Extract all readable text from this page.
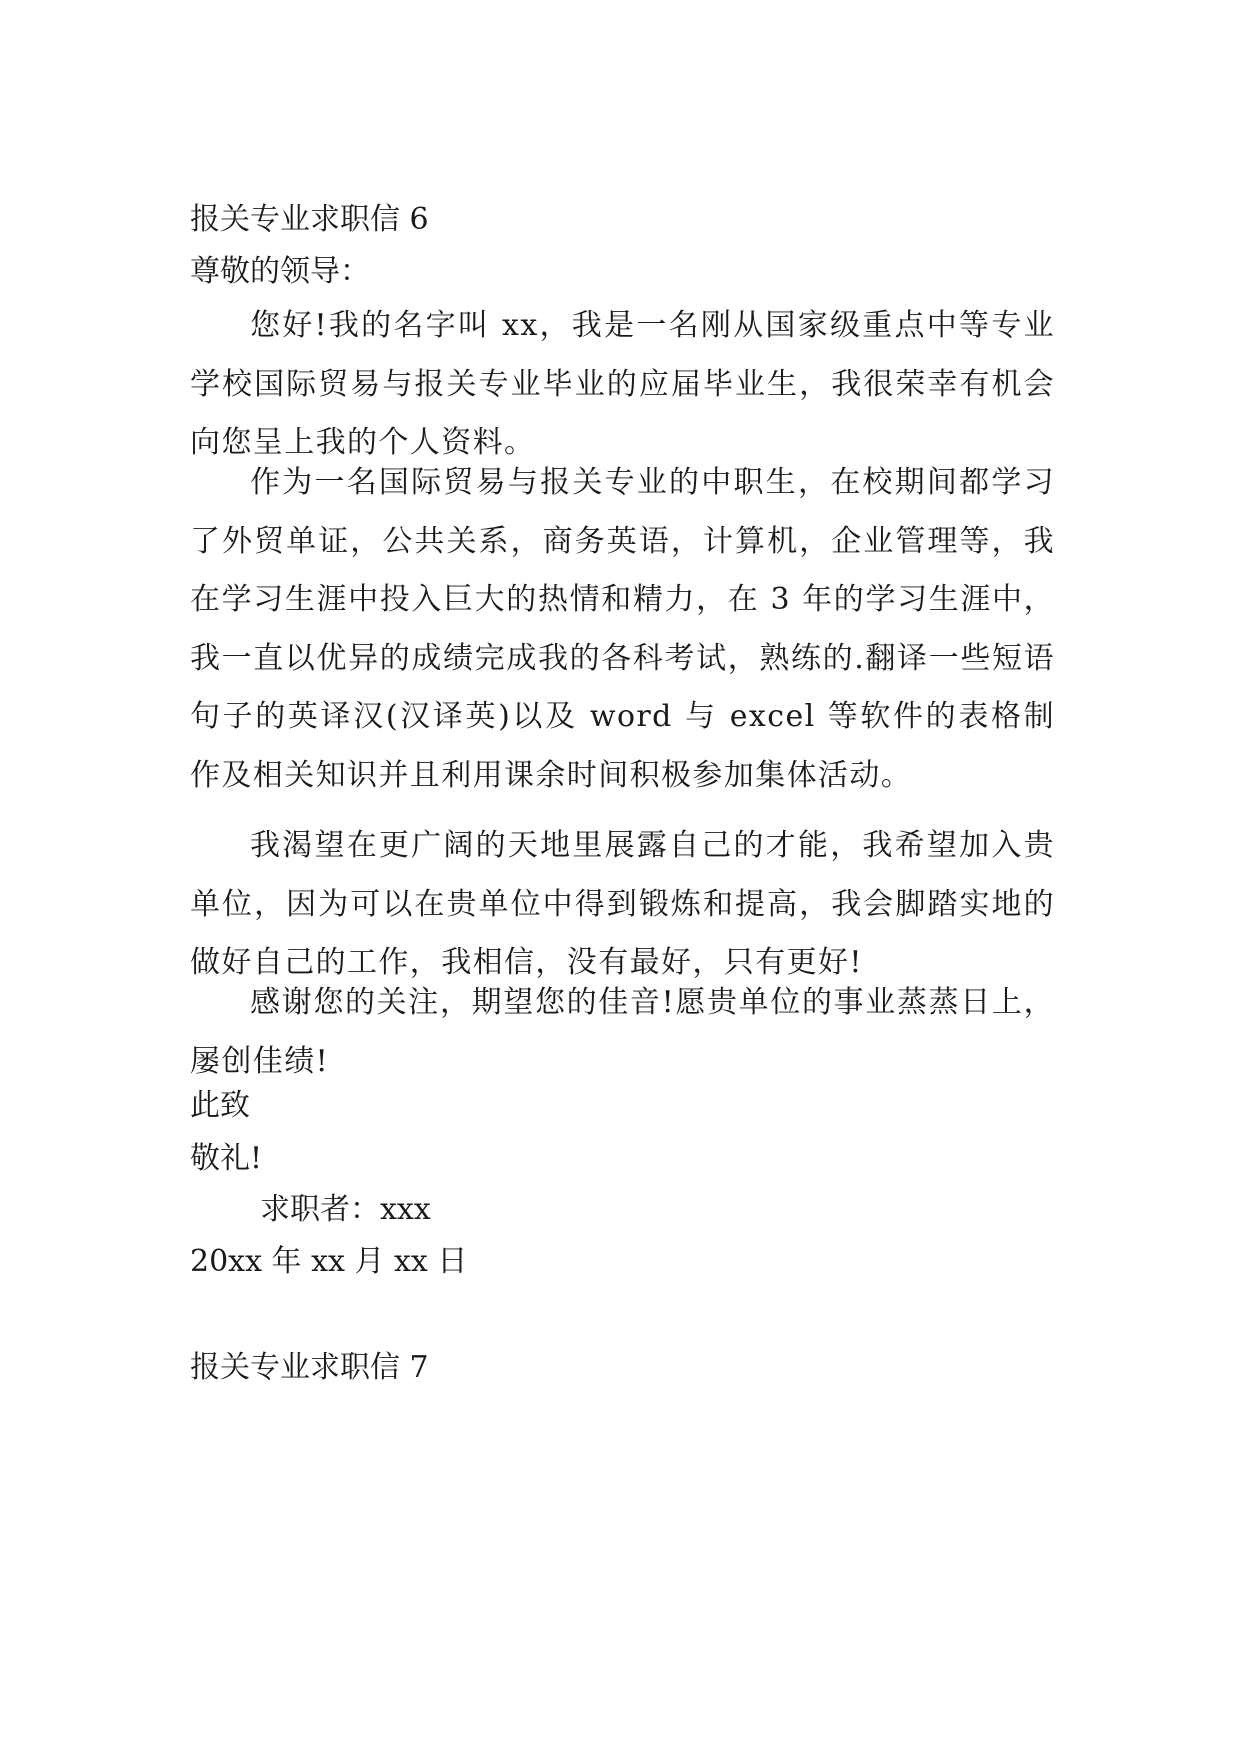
报关专业求职信 6

尊敬的领导：

您好!我的名字叫 xx，我是一名刚从国家级重点中等专业学校国际贸易与报关专业毕业的应届毕业生，我很荣幸有机会向您呈上我的个人资料。

作为一名国际贸易与报关专业的中职生，在校期间都学习了外贸单证，公共关系，商务英语，计算机，企业管理等，我在学习生涯中投入巨大的热情和精力，在 3 年的学习生涯中，我一直以优异的成绩完成我的各科考试，熟练的.翻译一些短语句子的英译汉(汉译英)以及 word 与 excel 等软件的表格制作及相关知识并且利用课余时间积极参加集体活动。

我渴望在更广阔的天地里展露自己的才能，我希望加入贵单位，因为可以在贵单位中得到锻炼和提高，我会脚踏实地的做好自己的工作，我相信，没有最好，只有更好!

感谢您的关注，期望您的佳音!愿贵单位的事业蒸蒸日上，屡创佳绩!

此致

敬礼!

求职者：xxx

20xx 年 xx 月 xx 日

报关专业求职信 7
